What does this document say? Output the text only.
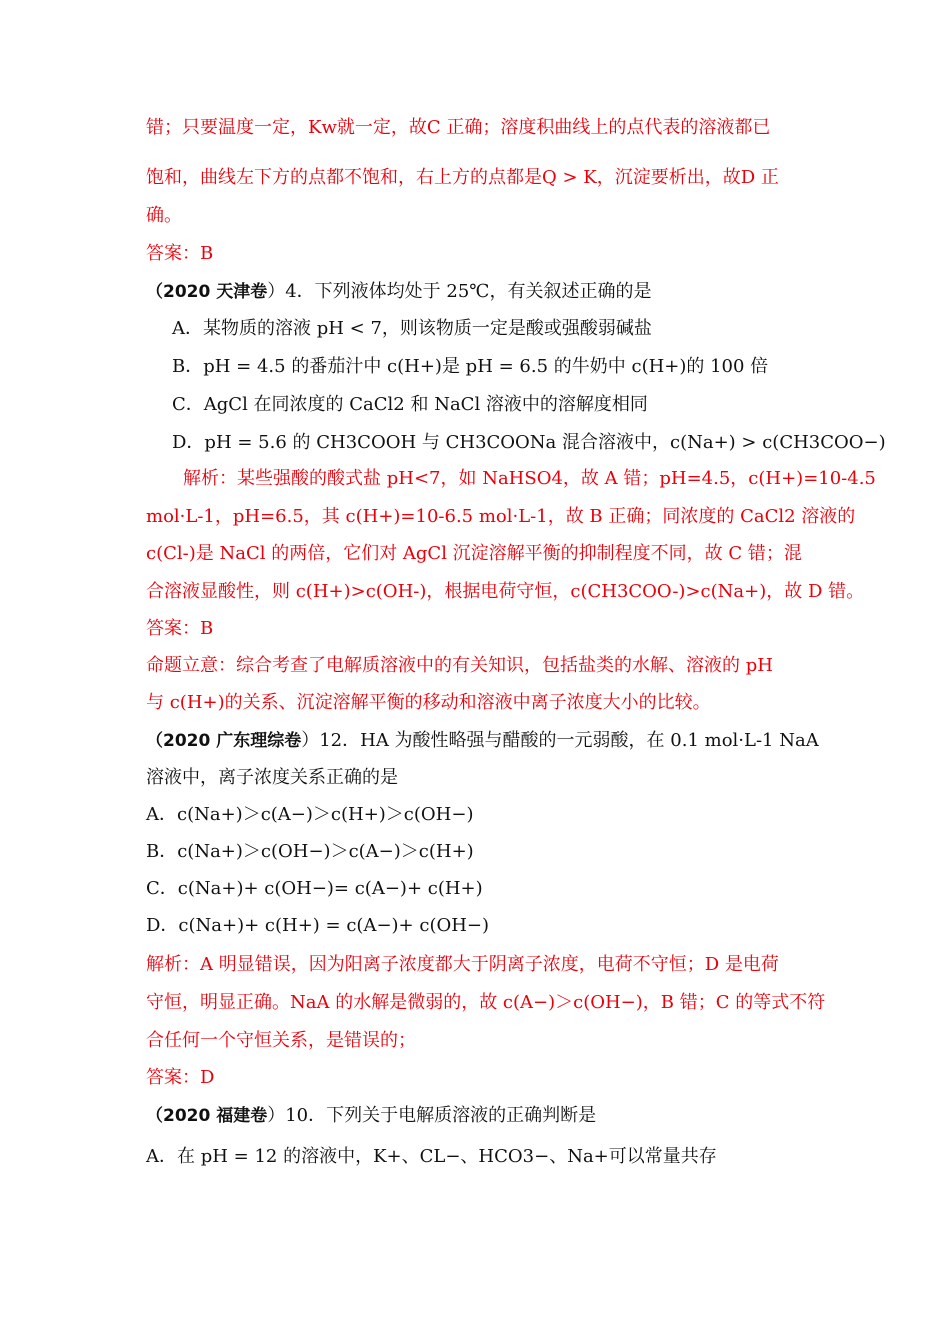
错；只要温度一定，Kw就一定，故C 正确；溶度积曲线上的点代表的溶液都已
饱和，曲线左下方的点都不饱和，右上方的点都是Q > K，沉淀要析出，故D 正
确。
答案：B
（2020 天津卷）4．下列液体均处于 25℃，有关叙述正确的是
A．某物质的溶液 pH < 7，则该物质一定是酸或强酸弱碱盐
B．pH = 4.5 的番茄汁中 c(H+)是 pH = 6.5 的牛奶中 c(H+)的 100 倍
C．AgCl 在同浓度的 CaCl2 和 NaCl 溶液中的溶解度相同
D．pH = 5.6 的 CH3COOH 与 CH3COONa 混合溶液中，c(Na+) > c(CH3COO−)
解析：某些强酸的酸式盐 pH<7，如 NaHSO4，故 A 错；pH=4.5，c(H+)=10-4.5
mol·L-1，pH=6.5，其 c(H+)=10-6.5 mol·L-1，故 B 正确；同浓度的 CaCl2 溶液的
c(Cl-)是 NaCl 的两倍，它们对 AgCl 沉淀溶解平衡的抑制程度不同，故 C 错；混
合溶液显酸性，则 c(H+)>c(OH-)，根据电荷守恒，c(CH3COO-)>c(Na+)，故 D 错。
答案：B
命题立意：综合考查了电解质溶液中的有关知识，包括盐类的水解、溶液的 pH
与 c(H+)的关系、沉淀溶解平衡的移动和溶液中离子浓度大小的比较。
（2020 广东理综卷）12．HA 为酸性略强与醋酸的一元弱酸，在 0.1 mol·L-1 NaA
溶液中，离子浓度关系正确的是
A．c(Na+)＞c(A−)＞c(H+)＞c(OH−)
B．c(Na+)＞c(OH−)＞c(A−)＞c(H+)
C．c(Na+)+ c(OH−)= c(A−)+ c(H+)
D．c(Na+)+ c(H+) = c(A−)+ c(OH−)
解析：A 明显错误，因为阳离子浓度都大于阴离子浓度，电荷不守恒；D 是电荷
守恒，明显正确。NaA 的水解是微弱的，故 c(A−)＞c(OH−)，B 错；C 的等式不符
合任何一个守恒关系，是错误的；
答案：D
（2020 福建卷）10．下列关于电解质溶液的正确判断是
A．在 pH = 12 的溶液中，K+、CL−、HCO3−、Na+可以常量共存
